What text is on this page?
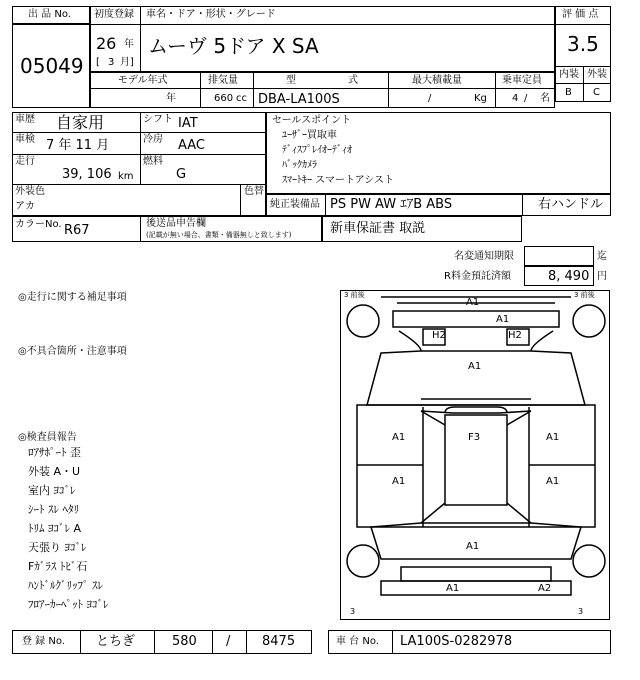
出 品 No.
05049
初度登録 車名・ドア・形状・グレード
26 年
[ 3 月]
ムーヴ 5ドア X SA
評 価 点
3.5
内装 外装
B C
モデル年式
年
排気量
660 cc
型	式
DBA-LA100S
最大積載量
/	Kg
乗車定員
4 / 名
車歴 自家用	シフト IAT
車検 7 年 11 月	冷房 AAC
走行
39, 106 km
燃料
G
外装色
アカ
色替
カラーNo. R67	後送品申告欄
(記載が無い場合、書類・備器無しと致します)
セールスポイント
ﾕｰｻﾞｰ買取車
ﾃﾞｨｽﾌﾟﾚｲｵｰﾃﾞｨｵ
ﾊﾞｯｸｶﾒﾗ
ｽﾏｰﾄｷｰ スマートアシスト
純正装備品 PS PW AW ｴｱB ABS	右ハンドル
新車保証書 取説
名変通知期限	迄
R料金預託済額	8, 490 円
◎走行に関する補足事項
◎不具合箇所・注意事項
◎検査員報告
ﾛｱｻﾎﾟｰﾄ 歪
外装 A・U
室内 ﾖｺﾞﾚ
ｼｰﾄ ｽﾚ ﾍﾀﾘ
ﾄﾘﾑ ﾖｺﾞﾚ A
天張り ﾖｺﾞﾚ
Fｶﾞﾗｽ ﾄﾋﾞ石
ﾊﾝﾄﾞﾙｸﾞﾘｯﾌﾟ ｽﾚ
ﾌﾛｱｰｶｰﾍﾟｯﾄ ﾖｺﾞﾚ
3 前後	3 前後
3	3
A1
A1
H2	H2
A1
A1	F3	A1
A1	A1
A1
A1	A2
登 録 No. とちぎ	580 / 8475	車 台 No. LA100S-0282978
